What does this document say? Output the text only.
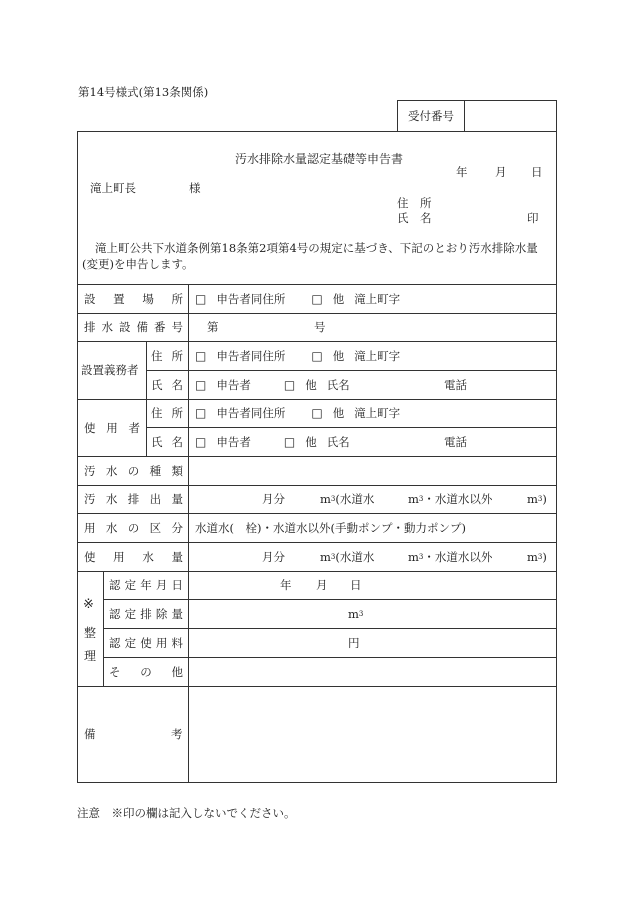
第14号様式(第13条関係)
受付番号
汚水排除水量認定基礎等申告書
年 月 日
滝上町長	様
住　所
氏　名	印
滝上町公共下水道条例第18条第2項第4号の規定に基づき、下記のとおり汚水排除水量
(変更)を申告します。
設 置 場 所 □ 申告者同住所 □ 他 滝上町字
排 水 設 備 番 号 第	号
設置義務者
住 所 □ 申告者同住所 □ 他 滝上町字
氏 名 □ 申告者	□ 他 氏名	電話
使 用 者
住 所 □ 申告者同住所 □ 他 滝上町字
氏 名 □ 申告者	□ 他 氏名	電話
汚 水 の 種 類
汚 水 排 出 量	月分	m 3 (水道水	m 3 ・水道水以外	m 3 )
用 水 の 区 分 水道水(　栓)・水道水以外(手動ポンプ・動力ポンプ)
使 用 水 量	月分	m 3 (水道水	m 3 ・水道水以外	m 3 )
※
整
理
認 定 年 月 日	年 月 日
認 定 排 除 量	m 3
認 定 使 用 料	円
そ の 他
備	考
注意　※印の欄は記入しないでください。
